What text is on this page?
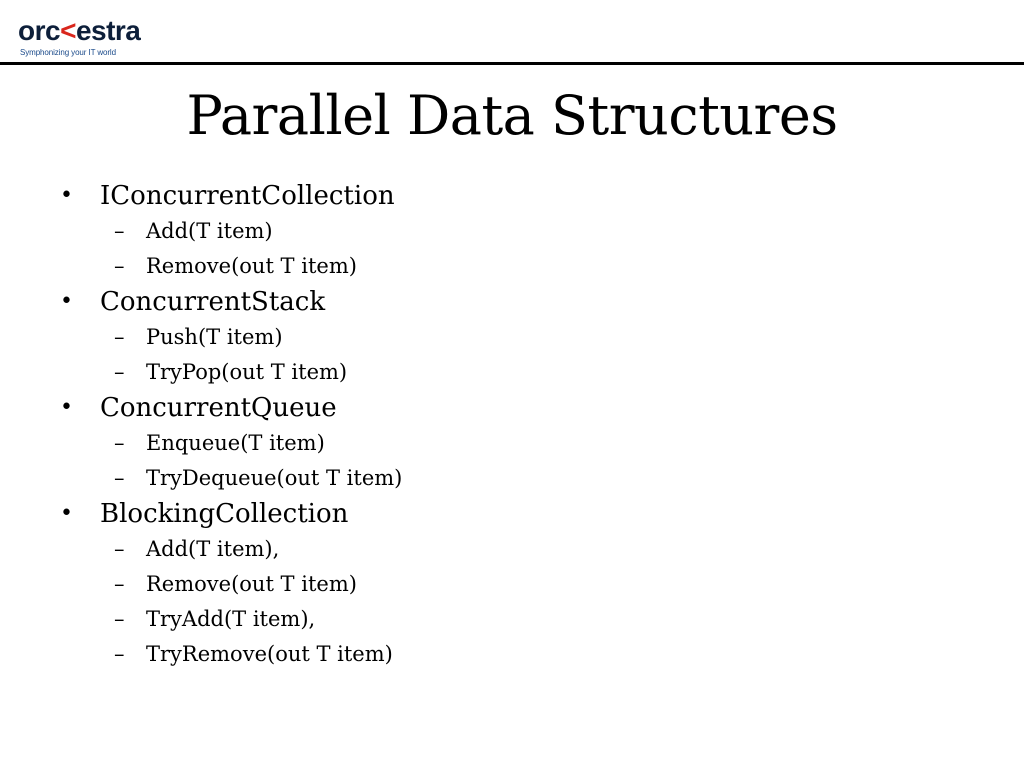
orc<estra
Symphonizing your IT world
Parallel Data Structures
• IConcurrentCollection
– Add(T item)
– Remove(out T item)
• ConcurrentStack
– Push(T item)
– TryPop(out T item)
• ConcurrentQueue
– Enqueue(T item)
– TryDequeue(out T item)
• BlockingCollection
– Add(T item),
– Remove(out T item)
– TryAdd(T item),
– TryRemove(out T item)
